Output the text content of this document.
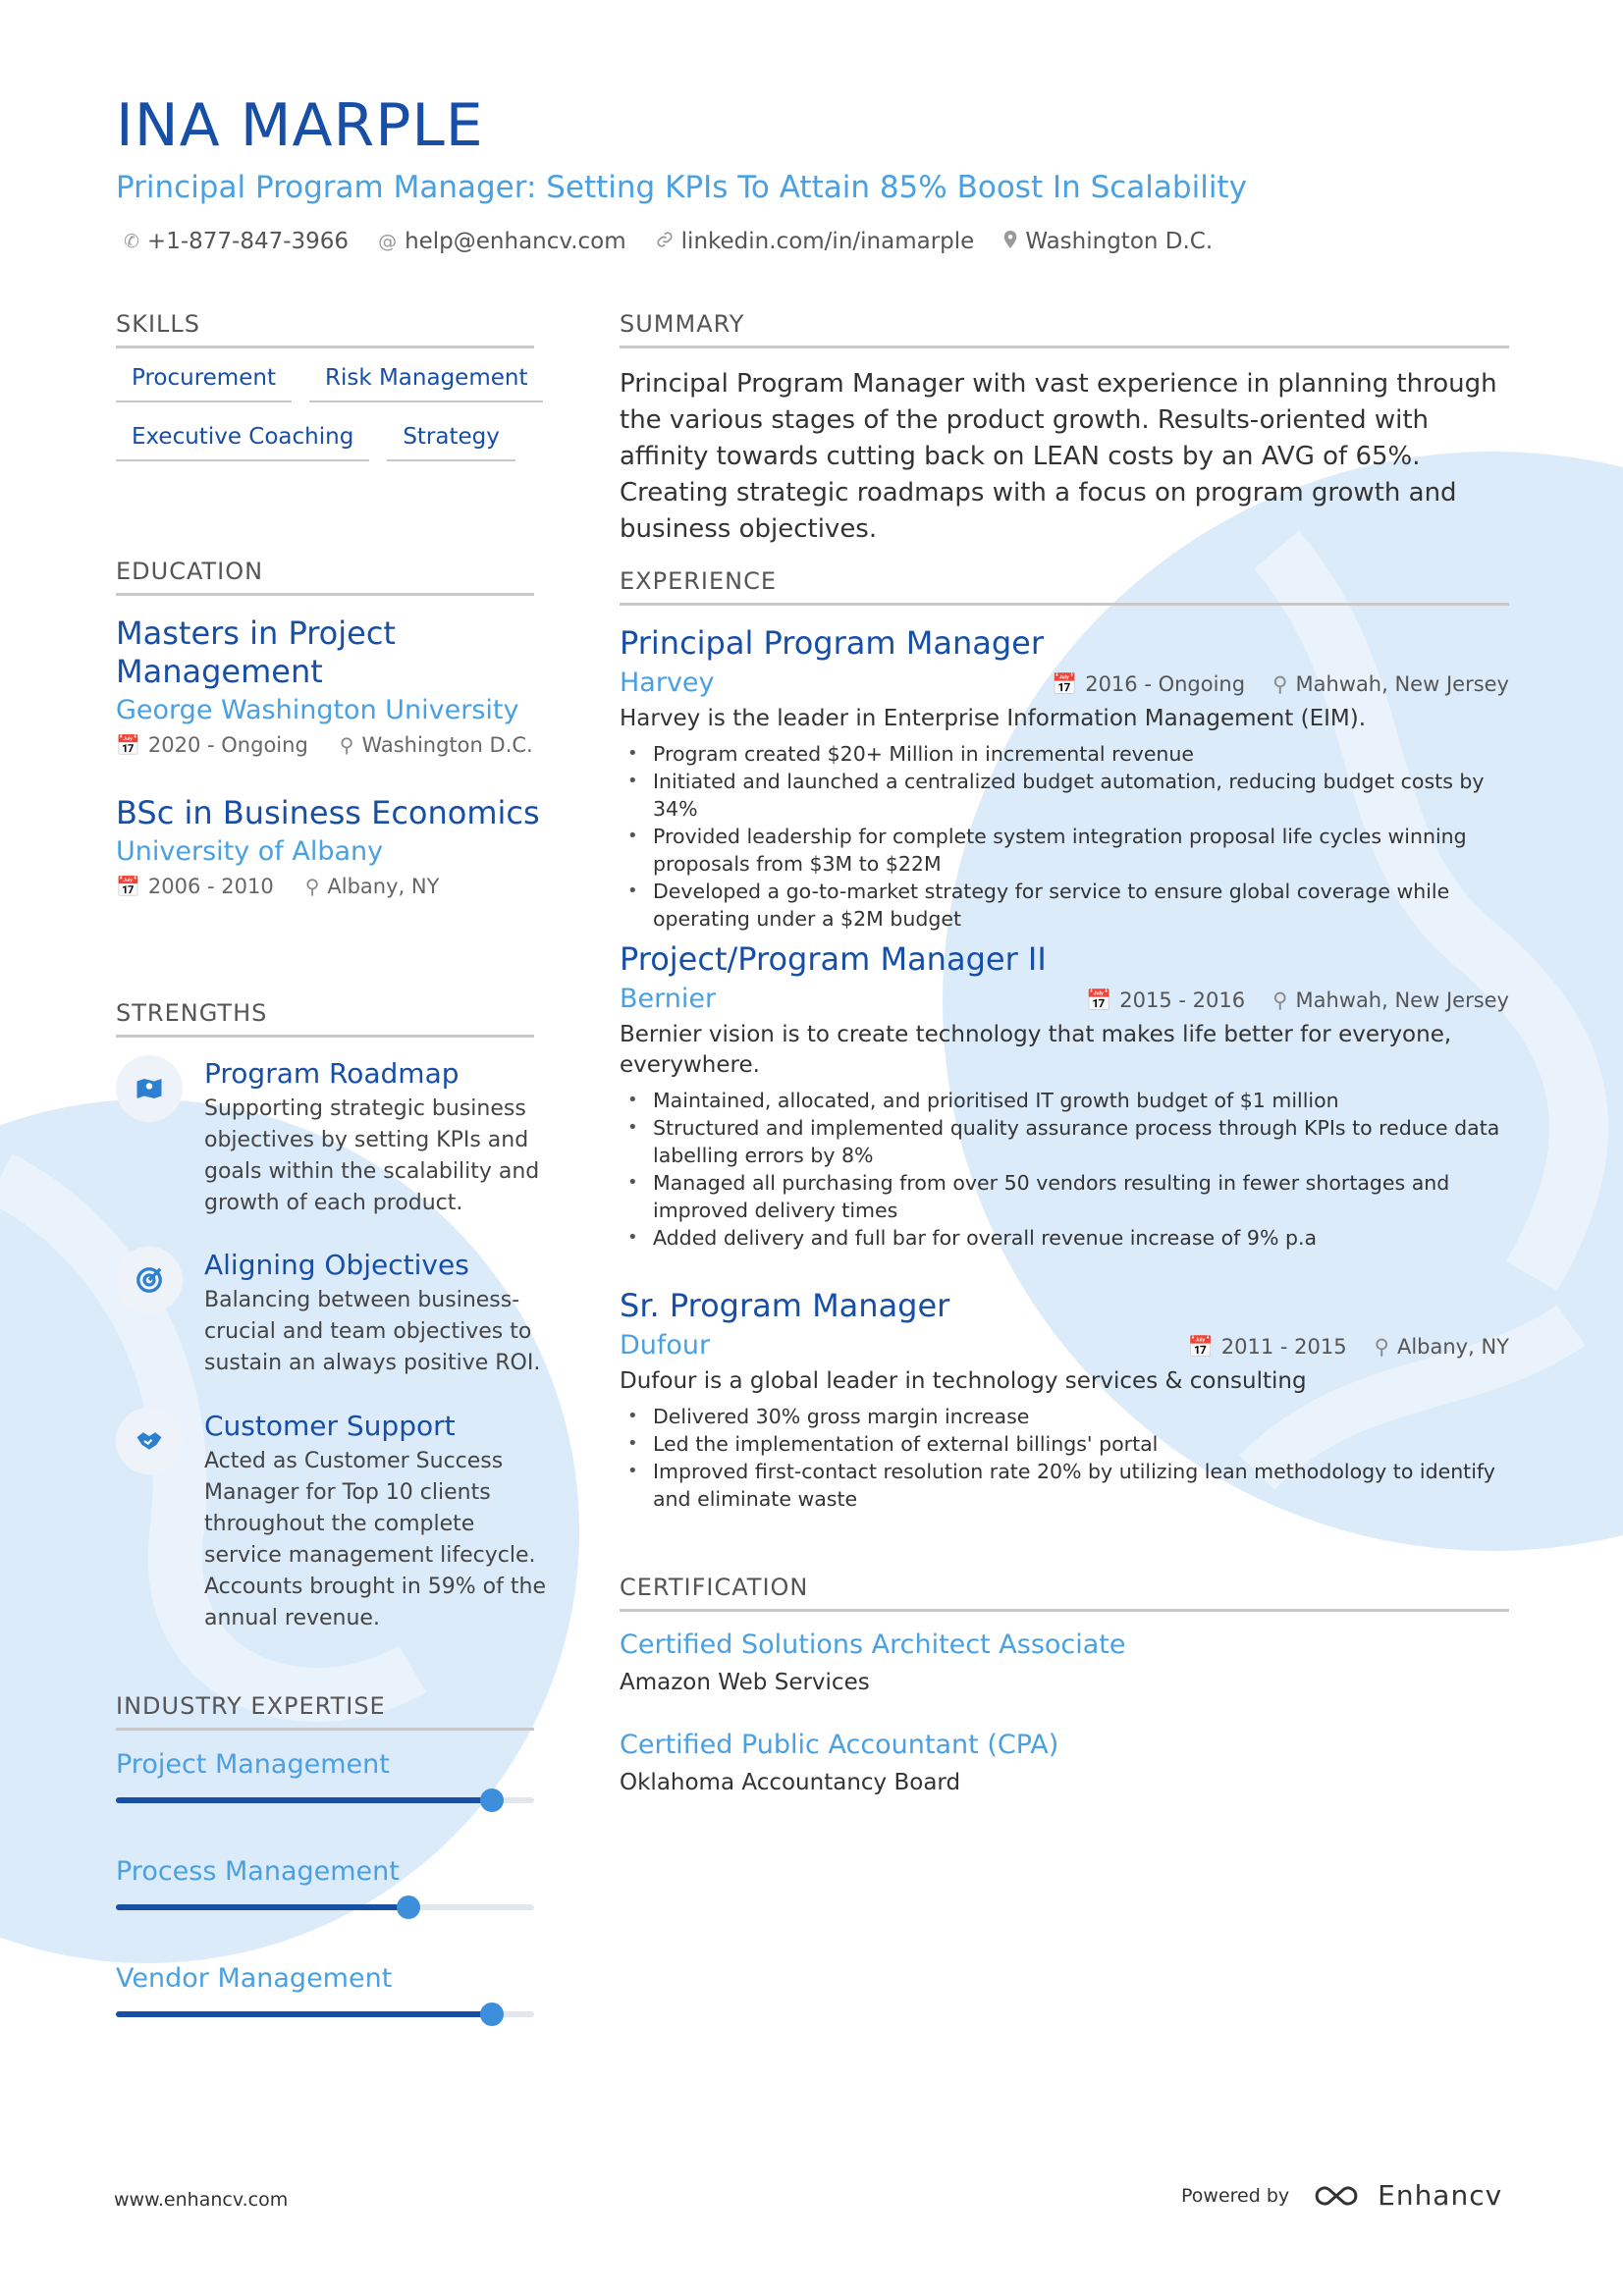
INA MARPLE
Principal Program Manager: Setting KPIs To Attain 85% Boost In Scalability
✆ +1-877-847-3966 @ help@enhancv.com linkedin.com/in/inamarple Washington D.C.
SKILLS
Procurement	Risk Management
Executive Coaching	Strategy
EDUCATION
Masters in Project Management
George Washington University
📅 2020 - Ongoing ⚲ Washington D.C.
BSc in Business Economics
University of Albany
📅 2006 - 2010 ⚲ Albany, NY
STRENGTHS
Program Roadmap
Supporting strategic business objectives by setting KPIs and goals within the scalability and growth of each product.
Aligning Objectives
Balancing between business-crucial and team objectives to sustain an always positive ROI.
Customer Support
Acted as Customer Success Manager for Top 10 clients throughout the complete service management lifecycle. Accounts brought in 59% of the annual revenue.
INDUSTRY EXPERTISE
Project Management
Process Management
Vendor Management
SUMMARY
Principal Program Manager with vast experience in planning through the various stages of the product growth. Results-oriented with affinity towards cutting back on LEAN costs by an AVG of 65%. Creating strategic roadmaps with a focus on program growth and business objectives.
EXPERIENCE
Principal Program Manager
Harvey	📅 2016 - Ongoing ⚲ Mahwah, New Jersey
Harvey is the leader in Enterprise Information Management (EIM).
• Program created $20+ Million in incremental revenue
• Initiated and launched a centralized budget automation, reducing budget costs by 34%
• Provided leadership for complete system integration proposal life cycles winning proposals from $3M to $22M
• Developed a go-to-market strategy for service to ensure global coverage while operating under a $2M budget
Project/Program Manager II
Bernier	📅 2015 - 2016 ⚲ Mahwah, New Jersey
Bernier vision is to create technology that makes life better for everyone, everywhere.
• Maintained, allocated, and prioritised IT growth budget of $1 million
• Structured and implemented quality assurance process through KPIs to reduce data labelling errors by 8%
• Managed all purchasing from over 50 vendors resulting in fewer shortages and improved delivery times
• Added delivery and full bar for overall revenue increase of 9% p.a
Sr. Program Manager
Dufour	📅 2011 - 2015 ⚲ Albany, NY
Dufour is a global leader in technology services & consulting
• Delivered 30% gross margin increase
• Led the implementation of external billings' portal
• Improved first-contact resolution rate 20% by utilizing lean methodology to identify and eliminate waste
CERTIFICATION
Certified Solutions Architect Associate
Amazon Web Services
Certified Public Accountant (CPA)
Oklahoma Accountancy Board
www.enhancv.com	Powered by	Enhancv
